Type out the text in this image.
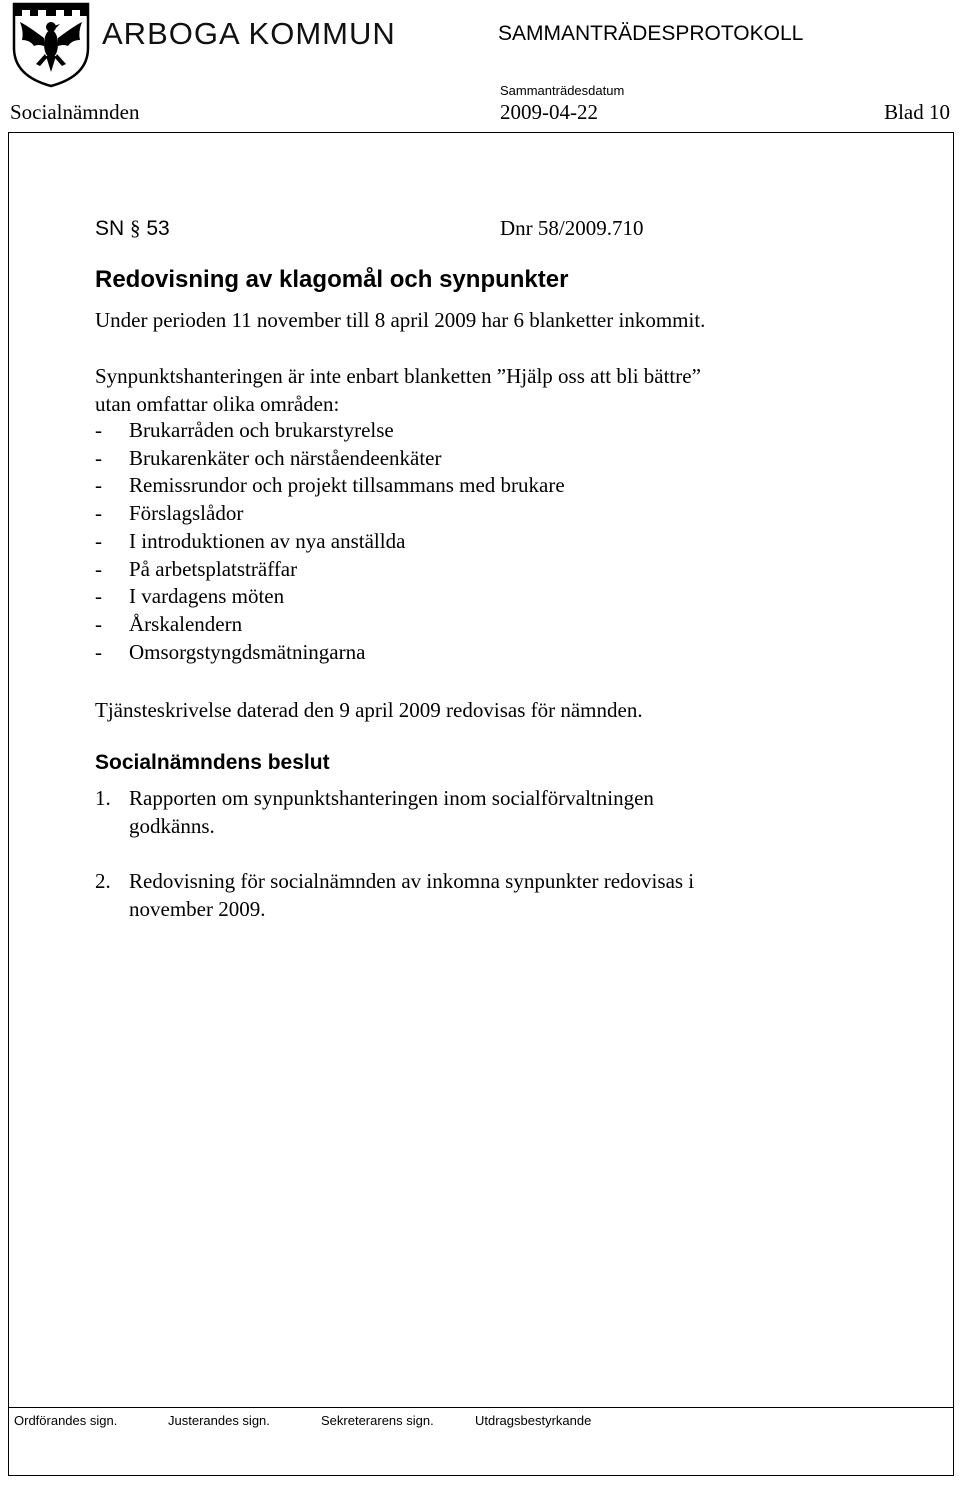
ARBOGA KOMMUN	SAMMANTRÄDESPROTOKOLL
Sammanträdesdatum
Socialnämnden	2009-04-22	Blad 10
SN § 53	Dnr 58/2009.710
Redovisning av klagomål och synpunkter
Under perioden 11 november till 8 april 2009 har 6 blanketter inkommit.
Synpunktshanteringen är inte enbart blanketten ”Hjälp oss att bli bättre”
utan omfattar olika områden:
- Brukarråden och brukarstyrelse
- Brukarenkäter och närståendeenkäter
- Remissrundor och projekt tillsammans med brukare
- Förslagslådor
- I introduktionen av nya anställda
- På arbetsplatsträffar
- I vardagens möten
- Årskalendern
- Omsorgstyngdsmätningarna
Tjänsteskrivelse daterad den 9 april 2009 redovisas för nämnden.
Socialnämndens beslut
1. Rapporten om synpunktshanteringen inom socialförvaltningen
godkänns.
2. Redovisning för socialnämnden av inkomna synpunkter redovisas i
november 2009.
Ordförandes sign.	Justerandes sign.	Sekreterarens sign.	Utdragsbestyrkande
